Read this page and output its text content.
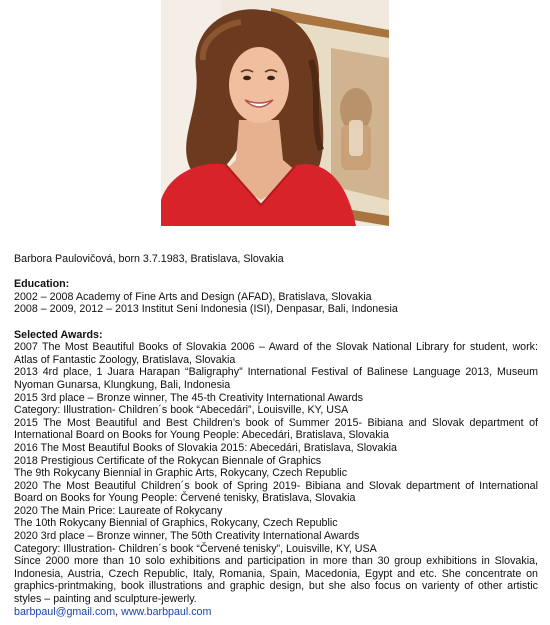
Barbora Paulovičová, born 3.7.1983, Bratislava, Slovakia

Education:

2002 – 2008 Academy of Fine Arts and Design (AFAD), Bratislava, Slovakia

2008 – 2009, 2012 – 2013 Institut Seni Indonesia (ISI), Denpasar, Bali, Indonesia

Selected Awards:

2007 The Most Beautiful Books of Slovakia 2006 – Award of the Slovak National Library for student, work: Atlas of Fantastic Zoology, Bratislava, Slovakia

2013 4rd place, 1 Juara Harapan “Baligraphy” International Festival of Balinese Language 2013, Museum Nyoman Gunarsa, Klungkung, Bali, Indonesia

2015 3rd place – Bronze winner, The 45-th Creativity International Awards

Category: Illustration- Children´s book “Abecedári”, Louisville, KY, USA

2015 The Most Beautiful and Best Children’s book of Summer 2015- Bibiana and Slovak department of International Board on Books for Young People: Abecedári, Bratislava, Slovakia

2016 The Most Beautiful Books of Slovakia 2015: Abecedári, Bratislava, Slovakia

2018 Prestigious Certificate of the Rokycan Biennale of Graphics

The 9th Rokycany Biennial in Graphic Arts, Rokycany, Czech Republic

2020 The Most Beautiful Children´s book of Spring 2019- Bibiana and Slovak department of International Board on Books for Young People: Červené tenisky, Bratislava, Slovakia

2020 The Main Price: Laureate of Rokycany

The 10th Rokycany Biennial of Graphics, Rokycany, Czech Republic

2020 3rd place – Bronze winner, The 50th Creativity International Awards

Category: Illustration- Children´s book “Červené tenisky”, Louisville, KY, USA

Since 2000 more than 10 solo exhibitions and participation in more than 30 group exhibitions in Slovakia, Indonesia, Austria, Czech Republic, Italy, Romania, Spain, Macedonia, Egypt and etc. She concentrate on graphics-printmaking, book illustrations and graphic design, but she also focus on varienty of other artistic styles – painting and sculpture-jewerly.

barbpaul@gmail.com, www.barbpaul.com
